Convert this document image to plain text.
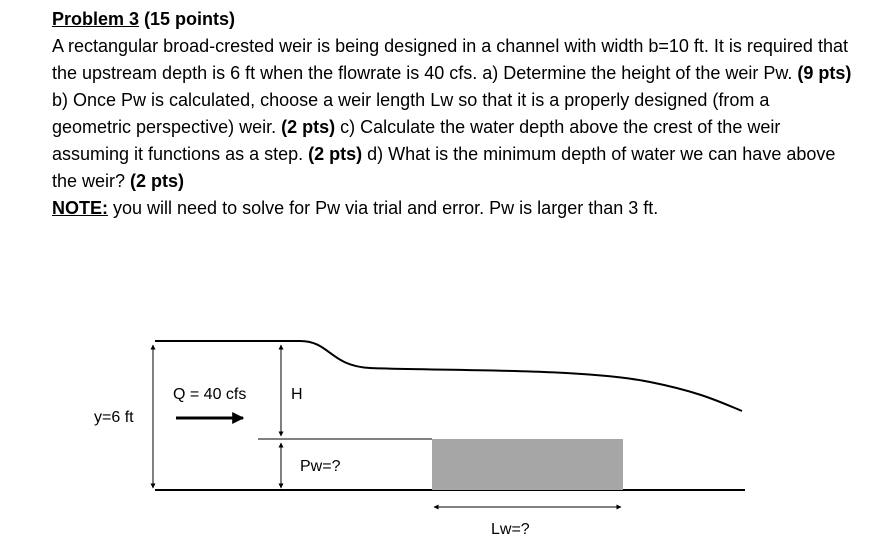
Problem 3 (15 points)
A rectangular broad-crested weir is being designed in a channel with width b=10 ft. It is required that the upstream depth is 6 ft when the flowrate is 40 cfs. a) Determine the height of the weir Pw. (9 pts) b) Once Pw is calculated, choose a weir length Lw so that it is a properly designed (from a geometric perspective) weir. (2 pts) c) Calculate the water depth above the crest of the weir assuming it functions as a step. (2 pts) d) What is the minimum depth of water we can have above the weir? (2 pts)
NOTE: you will need to solve for Pw via trial and error. Pw is larger than 3 ft.
Q = 40 cfs	H
y=6 ft
Pw=?
Lw=?
